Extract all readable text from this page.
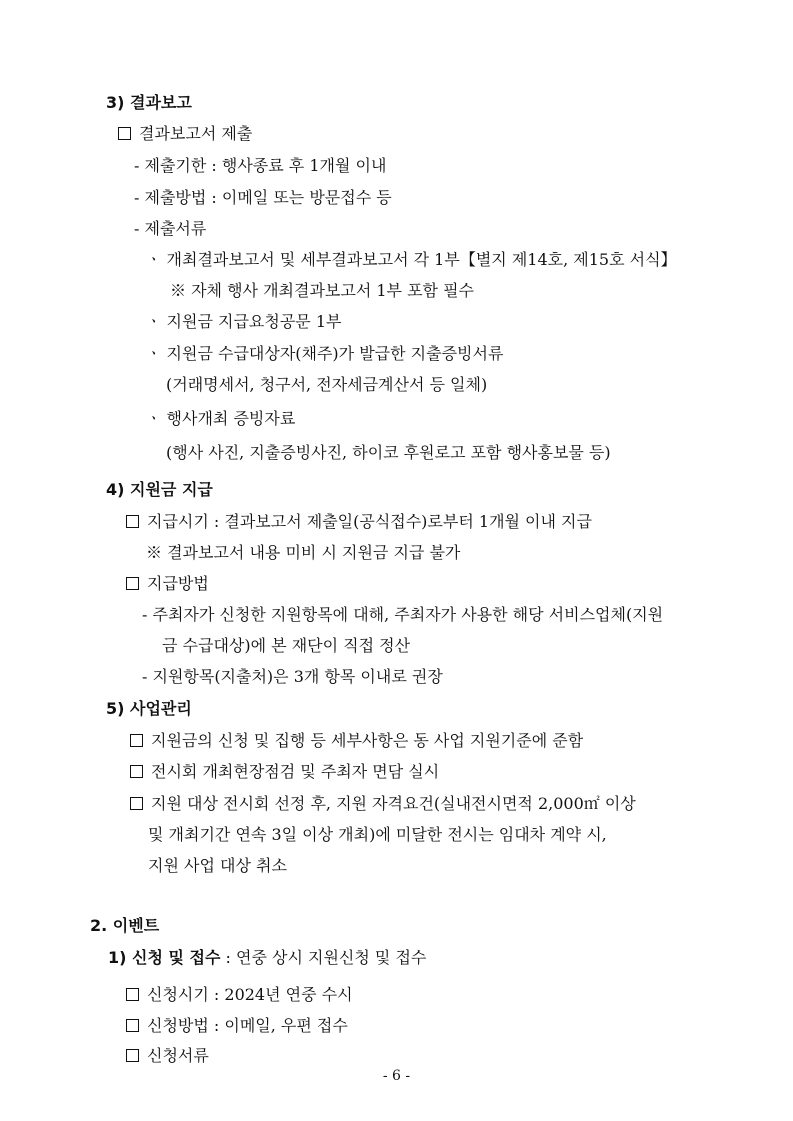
3) 결과보고
결과보고서 제출
- 제출기한 : 행사종료 후 1개월 이내
- 제출방법 : 이메일 또는 방문접수 등
- 제출서류
ㆍ 개최결과보고서 및 세부결과보고서 각 1부【별지 제14호, 제15호 서식】
※ 자체 행사 개최결과보고서 1부 포함 필수
ㆍ 지원금 지급요청공문 1부
ㆍ 지원금 수급대상자(채주)가 발급한 지출증빙서류
(거래명세서, 청구서, 전자세금계산서 등 일체)
ㆍ 행사개최 증빙자료
(행사 사진, 지출증빙사진, 하이코 후원로고 포함 행사홍보물 등)
4) 지원금 지급
지급시기 : 결과보고서 제출일(공식접수)로부터 1개월 이내 지급
※ 결과보고서 내용 미비 시 지원금 지급 불가
지급방법
- 주최자가 신청한 지원항목에 대해, 주최자가 사용한 해당 서비스업체(지원
금 수급대상)에 본 재단이 직접 정산
- 지원항목(지출처)은 3개 항목 이내로 권장
5) 사업관리
지원금의 신청 및 집행 등 세부사항은 동 사업 지원기준에 준함
전시회 개최현장점검 및 주최자 면담 실시
지원 대상 전시회 선정 후, 지원 자격요건(실내전시면적 2,000㎡ 이상
및 개최기간 연속 3일 이상 개최)에 미달한 전시는 임대차 계약 시,
지원 사업 대상 취소
2. 이벤트
1) 신청 및 접수 : 연중 상시 지원신청 및 접수
신청시기 : 2024년 연중 수시
신청방법 : 이메일, 우편 접수
신청서류
- 6 -
